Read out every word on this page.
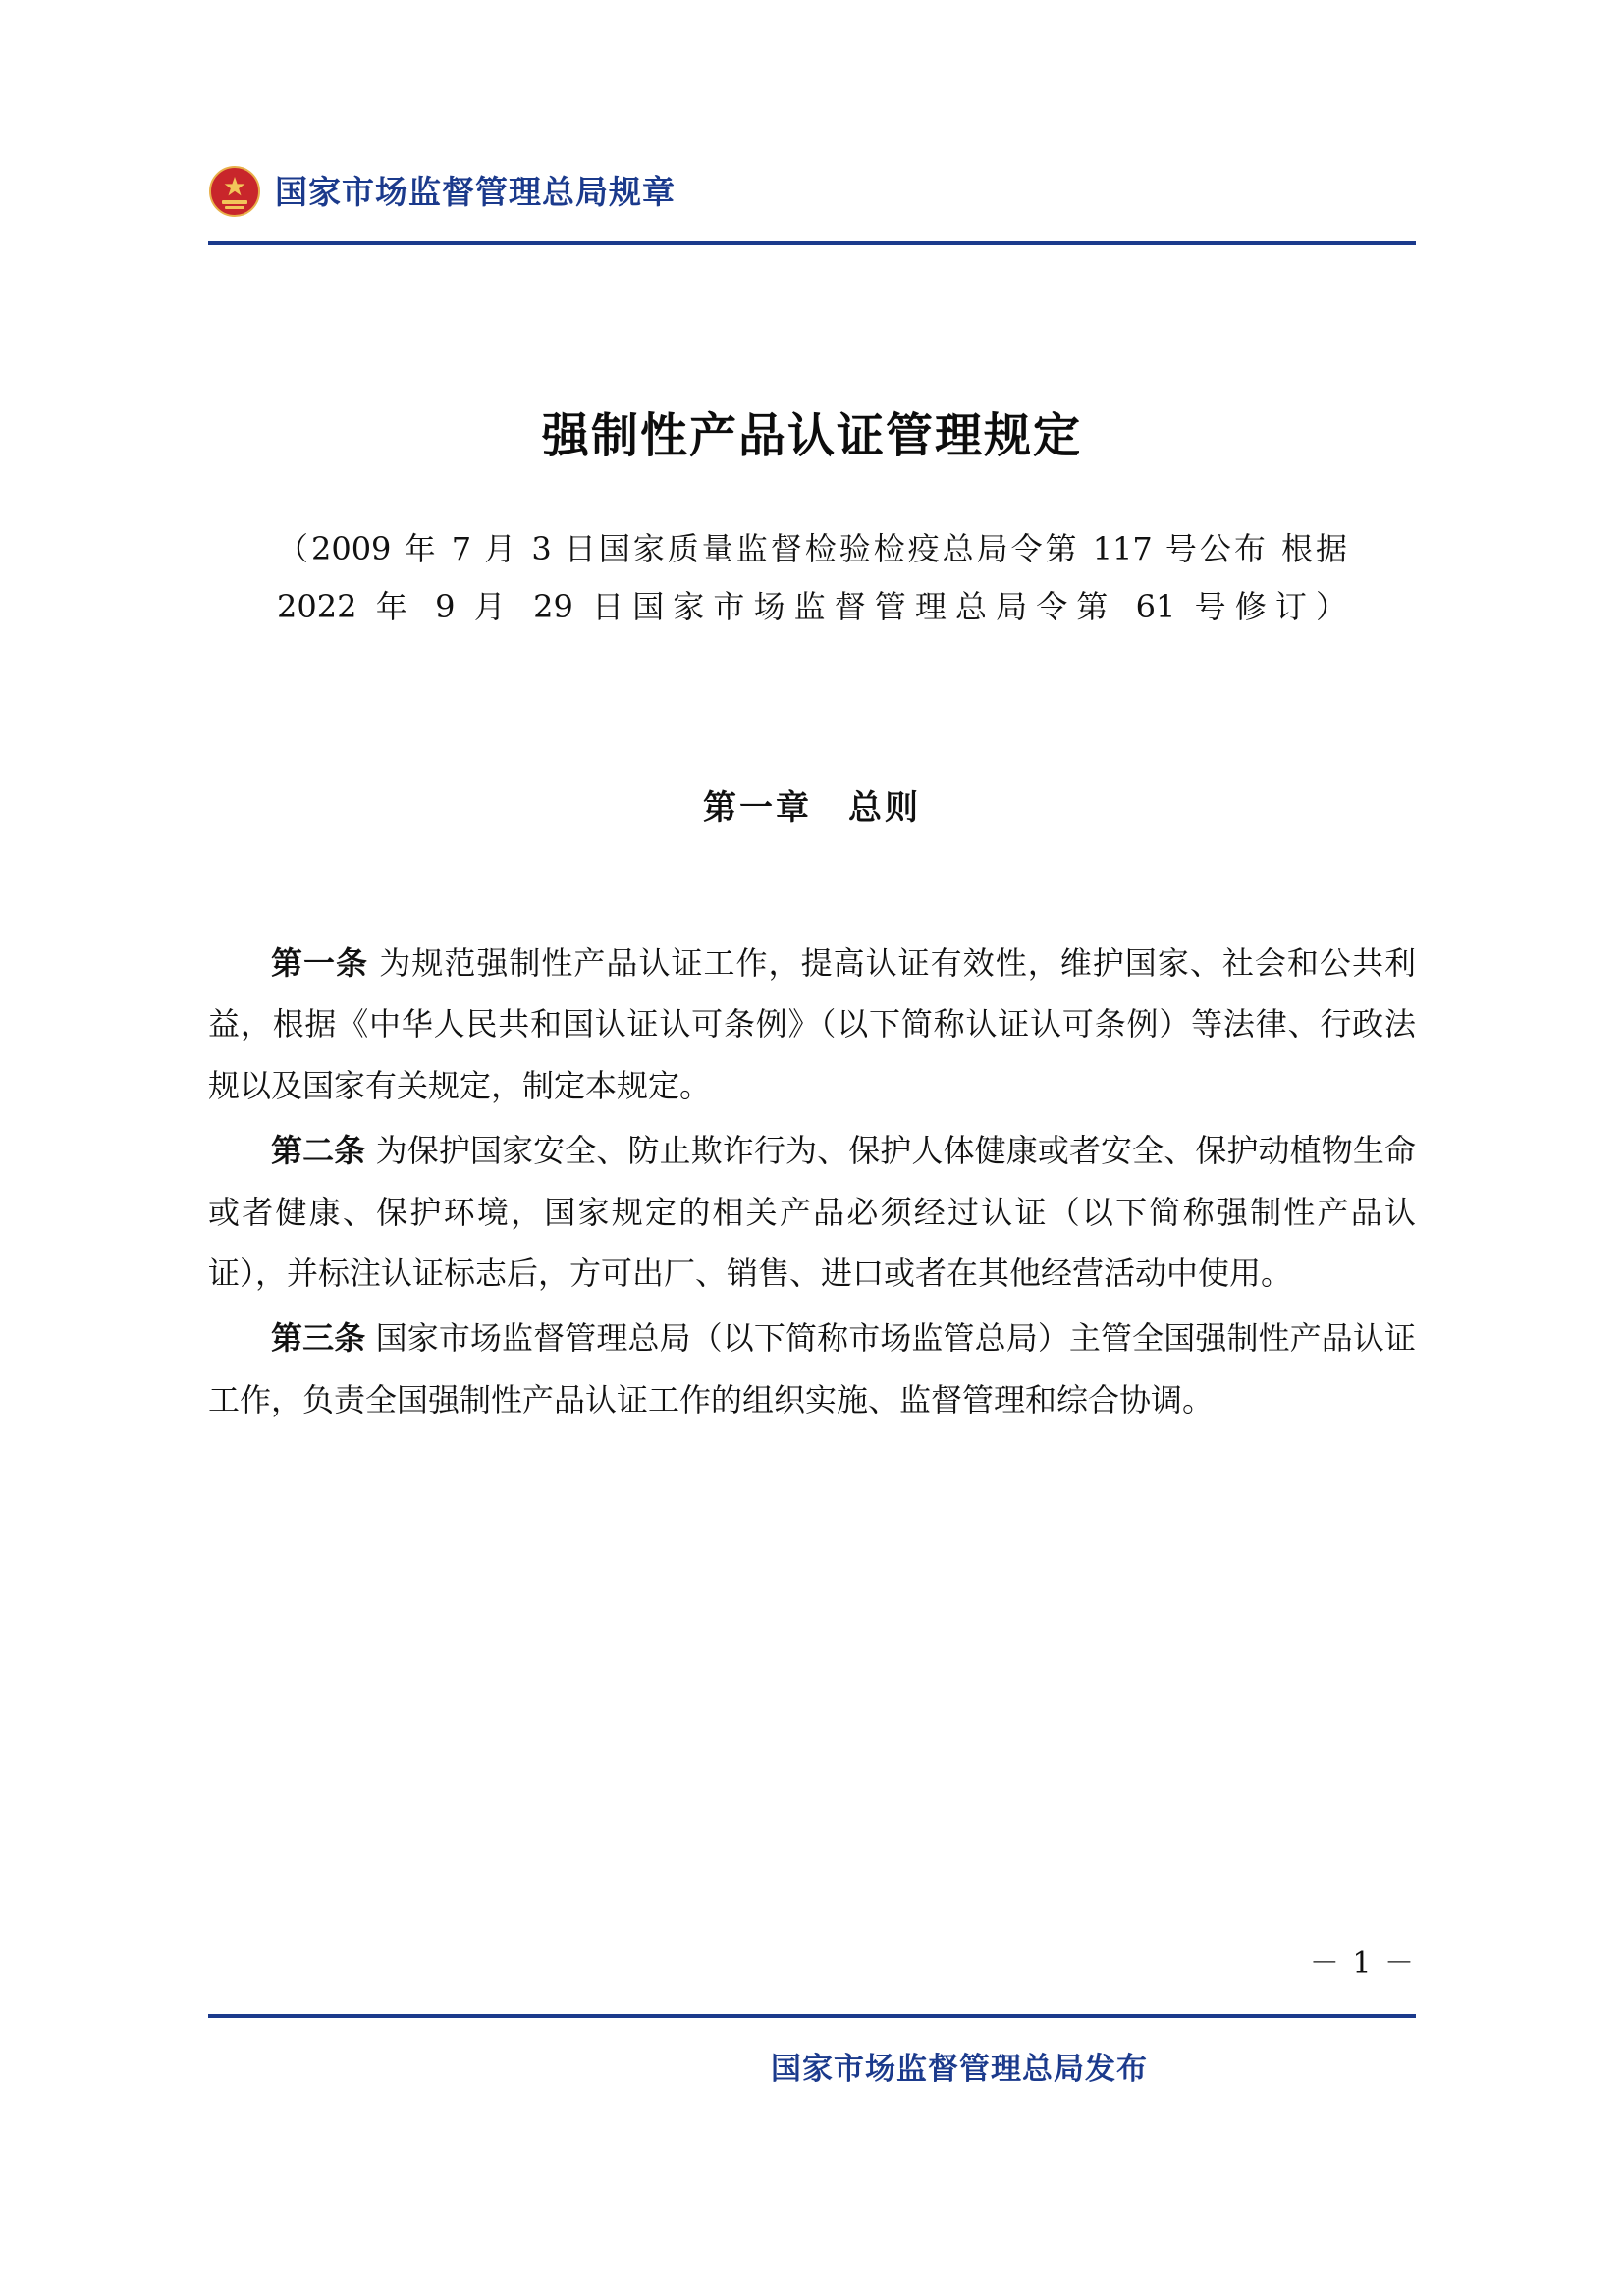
国家市场监督管理总局规章
强制性产品认证管理规定
（2009 年 7 月 3 日国家质量监督检验检疫总局令第 117 号公布 根据 2022 年 9 月 29 日国家市场监督管理总局令第 61 号修订）
第一章　总则

第一条 为规范强制性产品认证工作，提高认证有效性，维护国家、社会和公共利益，根据《中华人民共和国认证认可条例》（以下简称认证认可条例）等法律、行政法规以及国家有关规定，制定本规定。

第二条 为保护国家安全、防止欺诈行为、保护人体健康或者安全、保护动植物生命或者健康、保护环境，国家规定的相关产品必须经过认证（以下简称强制性产品认证），并标注认证标志后，方可出厂、销售、进口或者在其他经营活动中使用。

第三条 国家市场监督管理总局（以下简称市场监管总局）主管全国强制性产品认证工作，负责全国强制性产品认证工作的组织实施、监督管理和综合协调。

－ 1 －
国家市场监督管理总局发布
